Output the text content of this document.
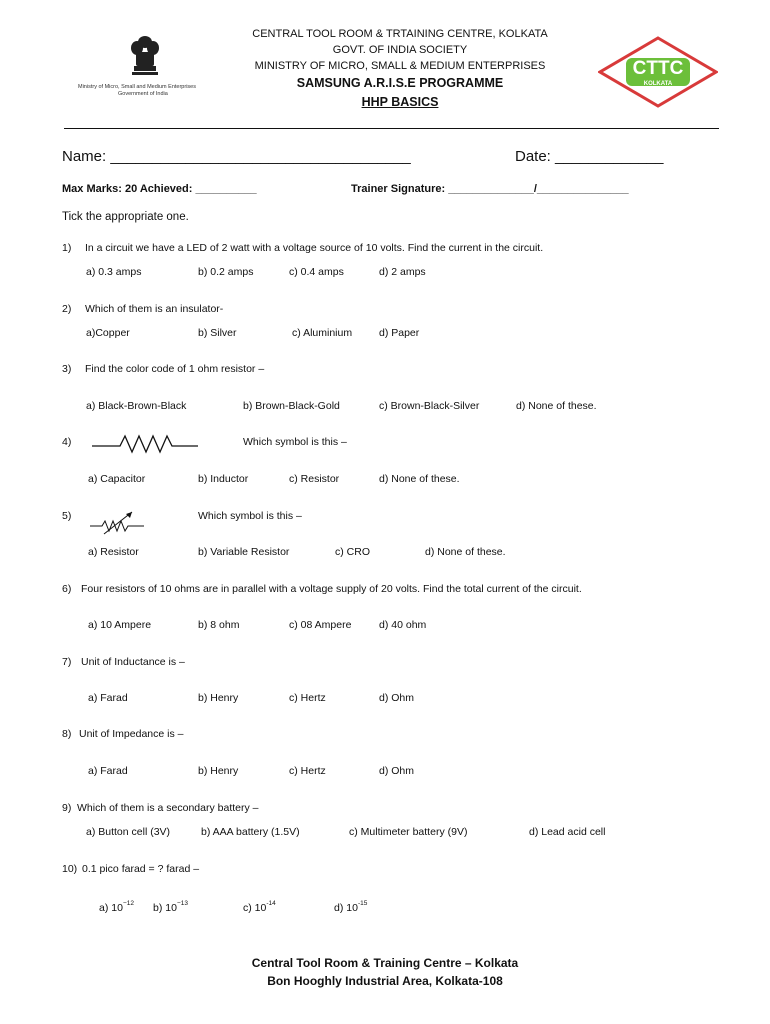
Ministry of Micro, Small and Medium Enterprises
Government of India
CENTRAL TOOL ROOM & TRTAINING CENTRE, KOLKATA
GOVT. OF INDIA SOCIETY
MINISTRY OF MICRO, SMALL & MEDIUM ENTERPRISES
SAMSUNG A.R.I.S.E PROGRAMME
HHP BASICS
CTTC
KOLKATA
Name: ____________________________________	Date: _____________
Max Marks: 20 Achieved: __________	Trainer Signature: ______________/_______________
Tick the appropriate one.
1) In a circuit we have a LED of 2 watt with a voltage source of 10 volts. Find the current in the circuit.
a) 0.3 amps	b) 0.2 amps	c) 0.4 amps	d) 2 amps
2) Which of them is an insulator-
a)Copper	b) Silver	c) Aluminium	d) Paper
3) Find the color code of 1 ohm resistor –
a) Black-Brown-Black	b) Brown-Black-Gold	c) Brown-Black-Silver	d) None of these.
4)	Which symbol is this –
a) Capacitor	b) Inductor	c) Resistor	d) None of these.
5)	Which symbol is this –
a) Resistor	b) Variable Resistor	c) CRO	d) None of these.
6) Four resistors of 10 ohms are in parallel with a voltage supply of 20 volts. Find the total current of the circuit.
a) 10 Ampere	b) 8 ohm	c) 08 Ampere	d) 40 ohm
7) Unit of Inductance is –
a) Farad	b) Henry	c) Hertz	d) Ohm
8) Unit of Impedance is –
a) Farad	b) Henry	c) Hertz	d) Ohm
9) Which of them is a secondary battery –
a) Button cell (3V)	b) AAA battery (1.5V)	c) Multimeter battery (9V)	d) Lead acid cell
10) 0.1 pico farad = ? farad –
a) $10^{-12}$ b) $10^{-13}$	c) $10^{-14}$	d) $10^{-15}$
Central Tool Room & Training Centre – Kolkata
Bon Hooghly Industrial Area, Kolkata-108
